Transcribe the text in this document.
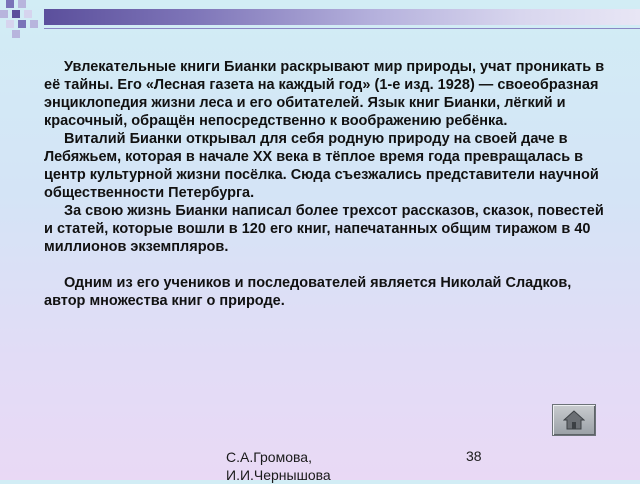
Увлекательные книги Бианки раскрывают мир природы, учат проникать в её тайны. Его «Лесная газета на каждый год» (1-е изд. 1928) — своеобразная энциклопедия жизни леса и его обитателей. Язык книг Бианки, лёгкий и красочный, обращён непосредственно к воображению ребёнка.

Виталий Бианки открывал для себя родную природу на своей даче в Лебяжьем, которая в начале XX века в тёплое время года превращалась в центр культурной жизни посёлка. Сюда съезжались представители научной общественности Петербурга.

За свою жизнь Бианки написал более трехсот рассказов, сказок, повестей и статей, которые вошли в 120 его книг, напечатанных общим тиражом в 40 миллионов экземпляров.

Одним из его учеников и последователей является Николай Сладков, автор множества книг о природе.

С.А.Громова, И.И.Чернышова
38
